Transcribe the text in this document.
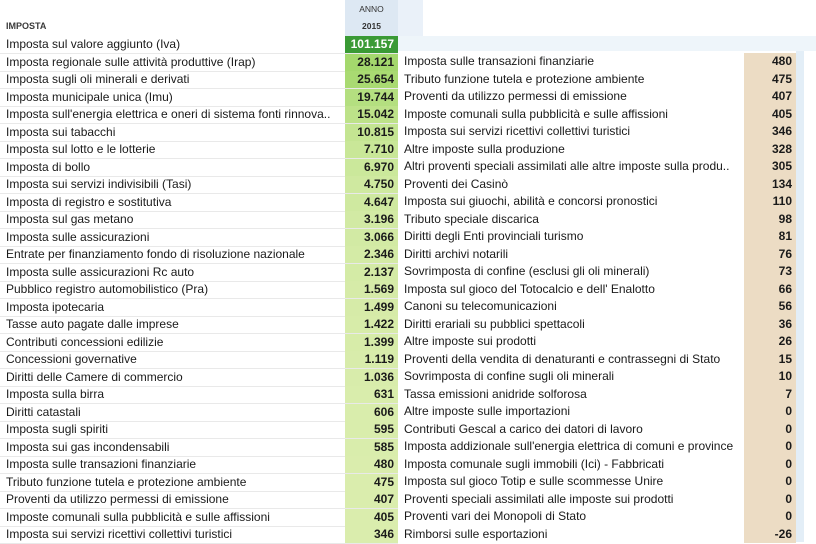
IMPOSTA
ANNO
2015
Imposta sul valore aggiunto (Iva)	101.157
Imposta regionale sulle attività produttive (Irap)	28.121
Imposta sugli oli minerali e derivati	25.654
Imposta municipale unica (Imu)	19.744
Imposta sull'energia elettrica e oneri di sistema fonti rinnova..	15.042
Imposta sui tabacchi	10.815
Imposta sul lotto e le lotterie	7.710
Imposta di bollo	6.970
Imposta sui servizi indivisibili (Tasi)	4.750
Imposta di registro e sostitutiva	4.647
Imposta sul gas metano	3.196
Imposta sulle assicurazioni	3.066
Entrate per finanziamento fondo di risoluzione nazionale	2.346
Imposta sulle assicurazioni Rc auto	2.137
Pubblico registro automobilistico (Pra)	1.569
Imposta ipotecaria	1.499
Tasse auto pagate dalle imprese	1.422
Contributi concessioni edilizie	1.399
Concessioni governative	1.119
Diritti delle Camere di commercio	1.036
Imposta sulla birra	631
Diritti catastali	606
Imposta sugli spiriti	595
Imposta sui gas incondensabili	585
Imposta sulle transazioni finanziarie	480
Tributo funzione tutela e protezione ambiente	475
Proventi da utilizzo permessi di emissione	407
Imposte comunali sulla pubblicità e sulle affissioni	405
Imposta sui servizi ricettivi collettivi turistici	346
Imposta sulle transazioni finanziarie	480
Tributo funzione tutela e protezione ambiente	475
Proventi da utilizzo permessi di emissione	407
Imposte comunali sulla pubblicità e sulle affissioni	405
Imposta sui servizi ricettivi collettivi turistici	346
Altre imposte sulla produzione	328
Altri proventi speciali assimilati alle altre imposte sulla produ..	305
Proventi dei Casinò	134
Imposta sui giuochi, abilità e concorsi pronostici	110
Tributo speciale discarica	98
Diritti degli Enti provinciali turismo	81
Diritti archivi notarili	76
Sovrimposta di confine (esclusi gli oli minerali)	73
Imposta sul gioco del Totocalcio e dell' Enalotto	66
Canoni su telecomunicazioni	56
Diritti erariali su pubblici spettacoli	36
Altre imposte sui prodotti	26
Proventi della vendita di denaturanti e contrassegni di Stato	15
Sovrimposta di confine sugli oli minerali	10
Tassa emissioni anidride solforosa	7
Altre imposte sulle importazioni	0
Contributi Gescal a carico dei datori di lavoro	0
Imposta addizionale sull'energia elettrica di comuni e province	0
Imposta comunale sugli immobili (Ici) - Fabbricati	0
Imposta sul gioco Totip e sulle scommesse Unire	0
Proventi speciali assimilati alle imposte sui prodotti	0
Proventi vari dei Monopoli di Stato	0
Rimborsi sulle esportazioni	-26
